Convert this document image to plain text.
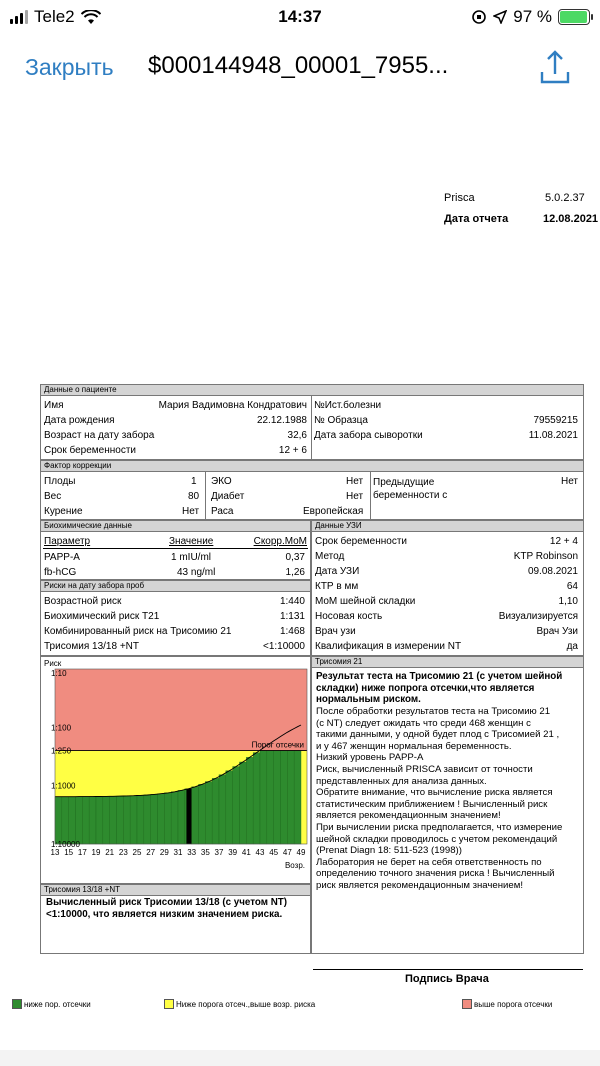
Tele2	14:37	97 %
Закрыть $000144948_00001_7955...
Prisca	5.0.2.37
Дата отчета	12.08.2021
Данные о пациенте
Имя	Мария Вадимовна Кондратович
Дата рождения	22.12.1988
Возраст на дату забора	32,6
Срок беременности	12 + 6
№Ист.болезни
№ Образца	79559215
Дата забора сыворотки	11.08.2021
Фактор коррекции
Плоды	1
Вес	80
Курение	Нет
ЭКО	Нет
Диабет	Нет
Раса	Европейская
Предыдущие беременности с
Нет
Биохимические данные
Параметр	Значение	Скорр.MoM
PAPP-A	1 mIU/ml	0,37
fb-hCG	43 ng/ml	1,26
Риски на дату забора проб
Возрастной риск	1:440
Биохимический риск T21	1:131
Комбинированный риск на Трисомию 21	1:468
Трисомия 13/18 +NT	<1:10000
Данные УЗИ
Срок беременности	12 + 4
Метод	KTP Robinson
Дата УЗИ	09.08.2021
КТР в мм	64
MoM шейной складки	1,10
Носовая кость	Визуализируется
Врач узи	Врач Узи
Квалификация в измерении NT	да
Порог отсечки
Риск
1:10
1:100
1:250
1:1000
1:10000
13 15 17 19 21 23 25 27 29 31 33 35 37 39 41 43 45 47 49
Возр.
Трисомия 21
Результат теста на Трисомию 21 (с учетом шейной складки) ниже попрога отсечки,что является нормальным риском.
После обработки результатов теста на Трисомию 21
(с NT) следует ожидать что среди 468 женщин с
такими данными, у одной будет плод с Трисомией 21 ,
и у 467 женщин нормальная беременность.
Низкий уровень PAPP-A
Риск, вычисленный PRISCA зависит от точности
представленных для анализа данных.
Обратите внимание, что вычисление риска является
статистическим приближением ! Вычисленный риск
является рекомендационным значением!
При вычислении риска предполагается, что измерение
шейной складки проводилось с учетом рекомендаций
(Prenat Diagn 18: 511-523 (1998))
Лаборатория не берет на себя ответственность по
определению точного значения риска ! Вычисленный
риск является рекомендационным значением!
Трисомия 13/18 +NT
Вычисленный риск Трисомии 13/18 (с учетом NT) <1:10000, что является низким значением риска.
Подпись Врача
ниже пор. отсечки	Ниже порога отсеч.,выше возр. риска	выше порога отсечки
